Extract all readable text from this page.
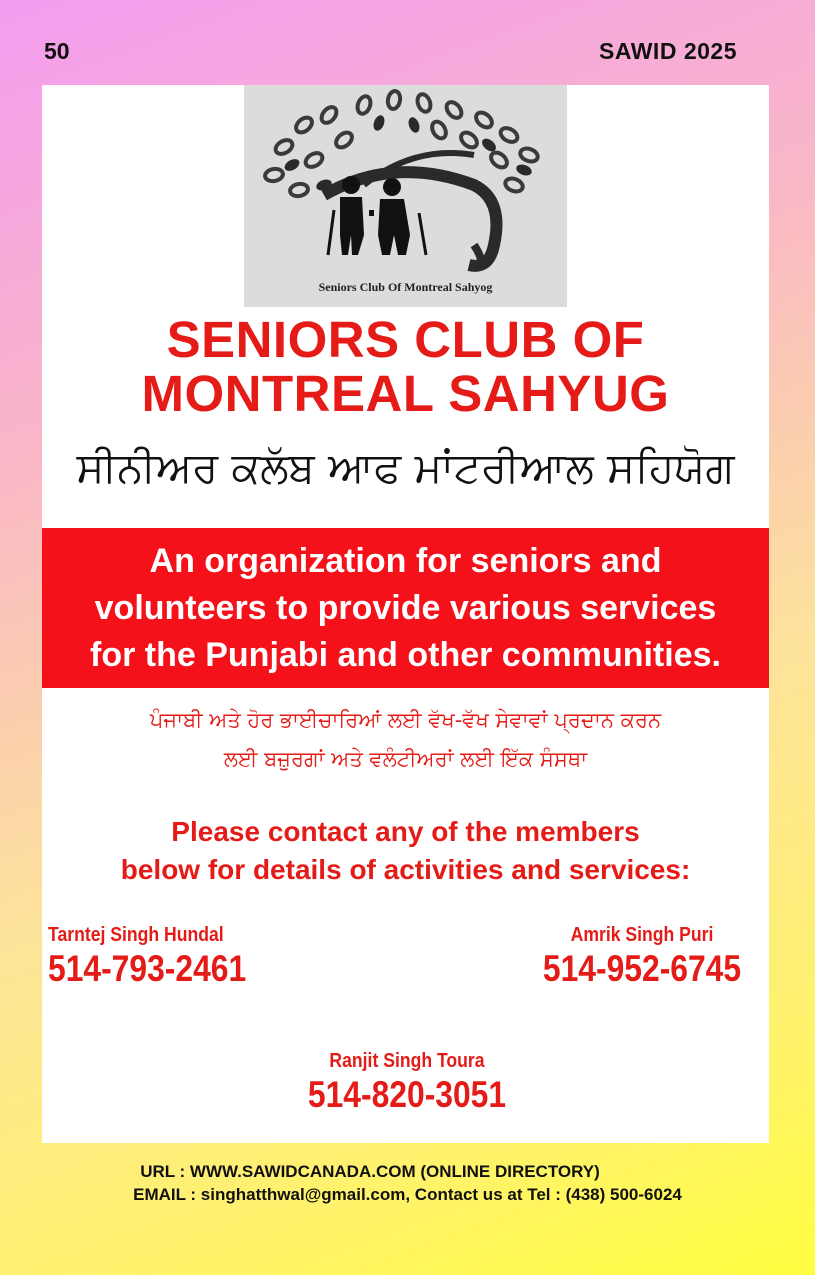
50	SAWID 2025
Seniors Club Of Montreal Sahyog
SENIORS CLUB OF
MONTREAL SAHYUG
ਸੀਨੀਅਰ ਕਲੱਬ ਆਫ ਮਾਂਟਰੀਆਲ ਸਹਿਯੋਗ
An organization for seniors and
volunteers to provide various services
for the Punjabi and other communities.
ਪੰਜਾਬੀ ਅਤੇ ਹੋਰ ਭਾਈਚਾਰਿਆਂ ਲਈ ਵੱਖ-ਵੱਖ ਸੇਵਾਵਾਂ ਪ੍ਰਦਾਨ ਕਰਨ
ਲਈ ਬਜ਼ੁਰਗਾਂ ਅਤੇ ਵਲੰਟੀਅਰਾਂ ਲਈ ਇੱਕ ਸੰਸਥਾ
Please contact any of the members
below for details of activities and services:
Tarntej Singh Hundal
514-793-2461
Amrik Singh Puri
514-952-6745
Ranjit Singh Toura
514-820-3051
URL : WWW.SAWIDCANADA.COM (ONLINE DIRECTORY)
EMAIL : singhatthwal@gmail.com, Contact us at Tel : (438) 500-6024
